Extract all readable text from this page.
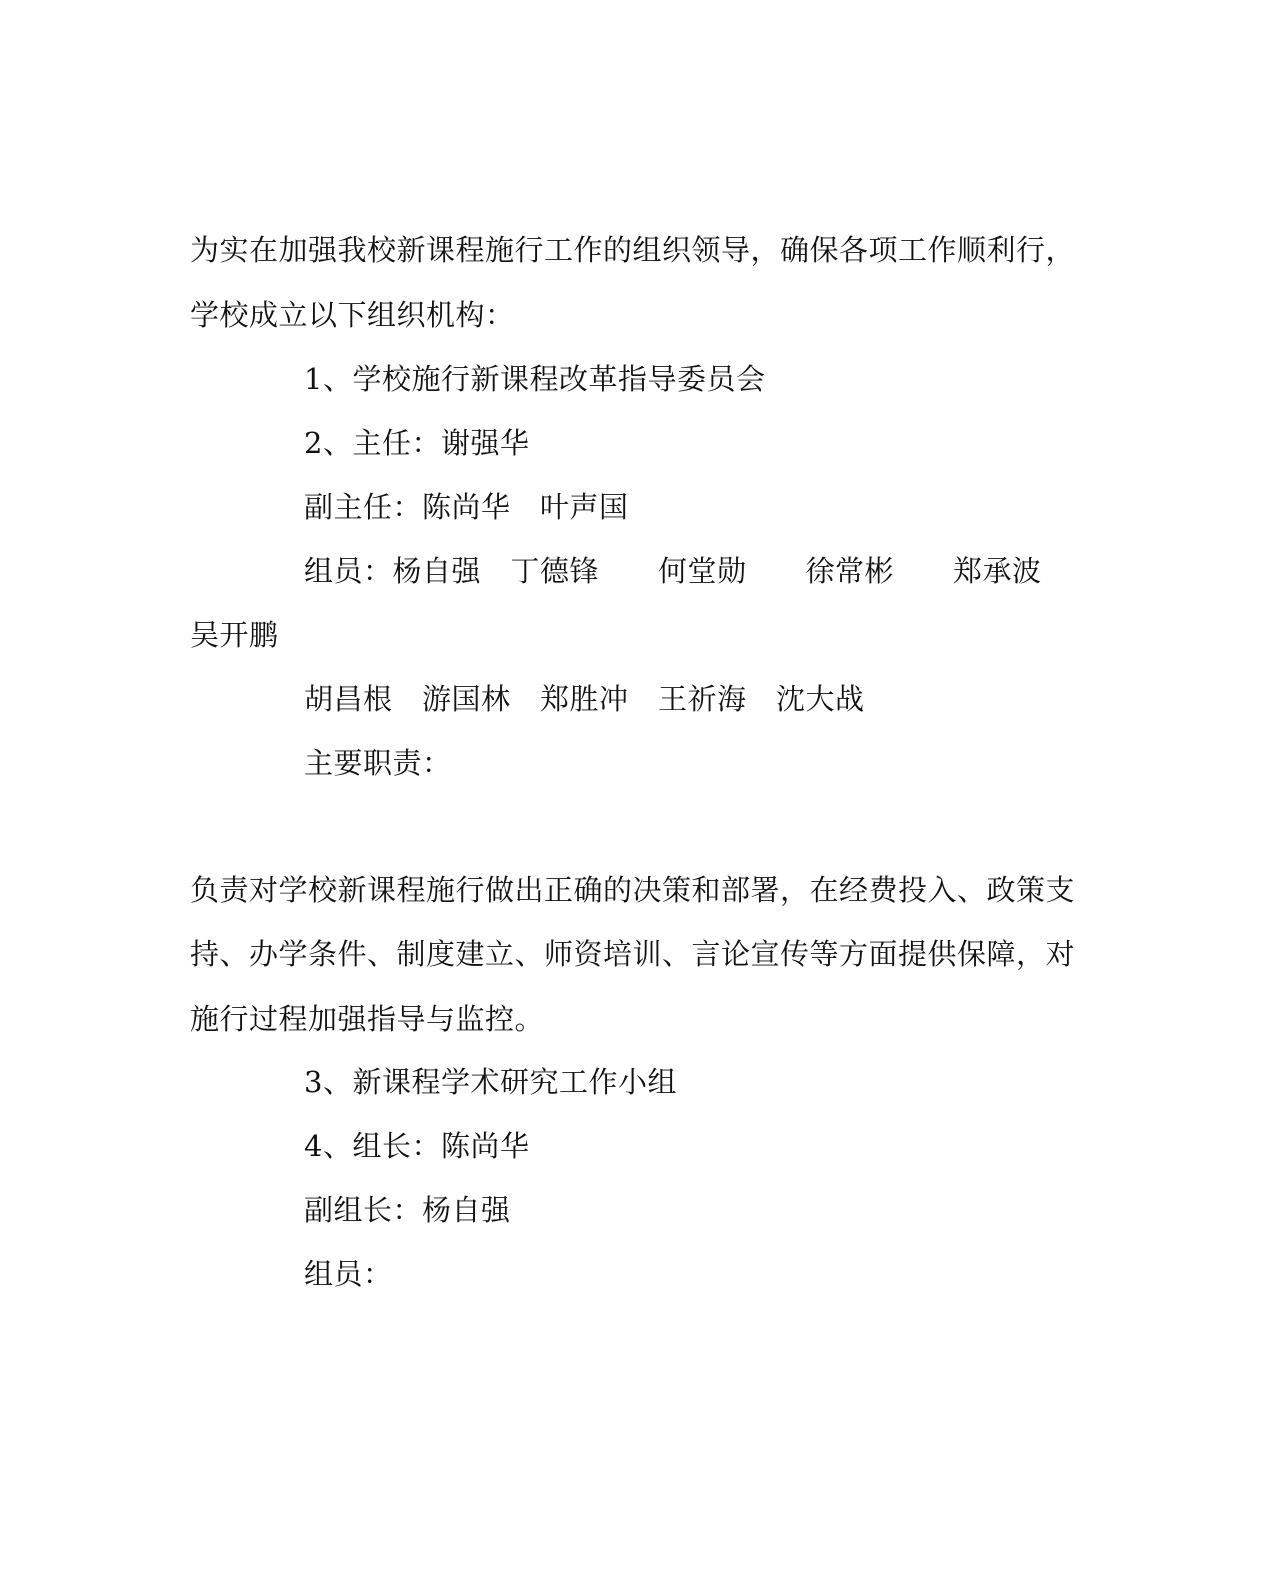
为实在加强我校新课程施行工作的组织领导，确保各项工作顺利行，
学校成立以下组织机构：
1、学校施行新课程改革指导委员会
2、主任：谢强华
副主任：陈尚华　叶声国
组员：杨自强　丁德锋　　何堂勋　　徐常彬　　郑承波
吴开鹏
胡昌根　游国林　郑胜冲　王祈海　沈大战
主要职责：
负责对学校新课程施行做出正确的决策和部署，在经费投入、政策支
持、办学条件、制度建立、师资培训、言论宣传等方面提供保障，对
施行过程加强指导与监控。
3、新课程学术研究工作小组
4、组长：陈尚华
副组长：杨自强
组员：
